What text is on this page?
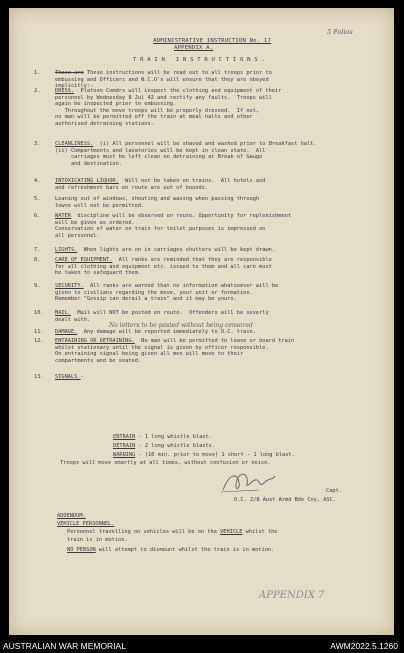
ADMINISTRATIVE INSTRUCTION No. 17

5 Folios
APPENDIX A.
T R A I N   I N S T R U C T I O N S .
1.	These are These instructions will be read out to all troops prior to
embussing and Officers and N.C.O's will ensure that they are obeyed
implicitly:-
2.	DRESS. Platoon Comdrs will inspect the clothing and equipment of their
personnel by Wednesday 8 Jul 42 and rectify any faults.  Troops will
again be inspected prior to embussing.
Throughout the move troops will be properly dressed.  If not,
no man will be permitted off the train at meal halts and other
authorised detraining stations.
3.	CLEANLINESS. (i) All personnel will be shaved and washed prior to Breakfast halt.
(ii) Compartments and lavatories will be kept in clean state.  All
carriages must be left clean on detraining at Break of Gauge
and destination.
4.	INTOXICATING LIQUOR. Will not be taken on trains.  All hotels and
and refreshment bars en route are out of bounds.
5.	Leaning out of windows, shouting and waving when passing through
towns will not be permitted.
6.	WATER discipline will be observed en route. Opportunity for replenishment
will be given as ordered.
Conservation of water on train for toilet purposes is impressed on
all personnel.
7.	LIGHTS. When lights are on in carriages shutters will be kept drawn.
8.	CARE OF EQUIPMENT. All ranks are reminded that they are responsible
for all clothing and equipment etc. issued to them and all care must
be taken to safeguard them.
9.	SECURITY. All ranks are warned that no information whatsoever will be
given to civilians regarding the move, your unit or formation.
Remember "Gossip can derail a train" and it may be yours.
10. MAIL. Mail will NOT be posted en route.  Offenders will be severly
dealt with.
11. DAMAGE. Any damage will be reported immediately to O.C. train.
12. ENTRAINING OR DETRAINING. No man will be permitted to leave or board train
whilst stationary until the signal is given by officer responsible.
On entraining signal being given all men will move to their
compartments and be seated.
13. SIGNALS.-
ENTRAIN - 1 long whistle blast.
DETRAIN - 2 long whistle blasts.
WARNING - (10 min. prior to move) 1 short - 1 long blast.
Troops will move smartly at all times, without confusion or noise.
Capt.
O.C. 2/8 Aust Armd Bde Coy, ASC.
ADDENDUM.
VEHICLE PERSONNEL.
Personnel travelling on vehicles will be on the VEHICLE whilst the
train is in motion.
NO PERSON will attempt to dismount whilst the train is in motion.
APPENDIX 7
No letters to be posted without being censored
AUSTRALIAN WAR MEMORIAL	AWM2022.5.1260
